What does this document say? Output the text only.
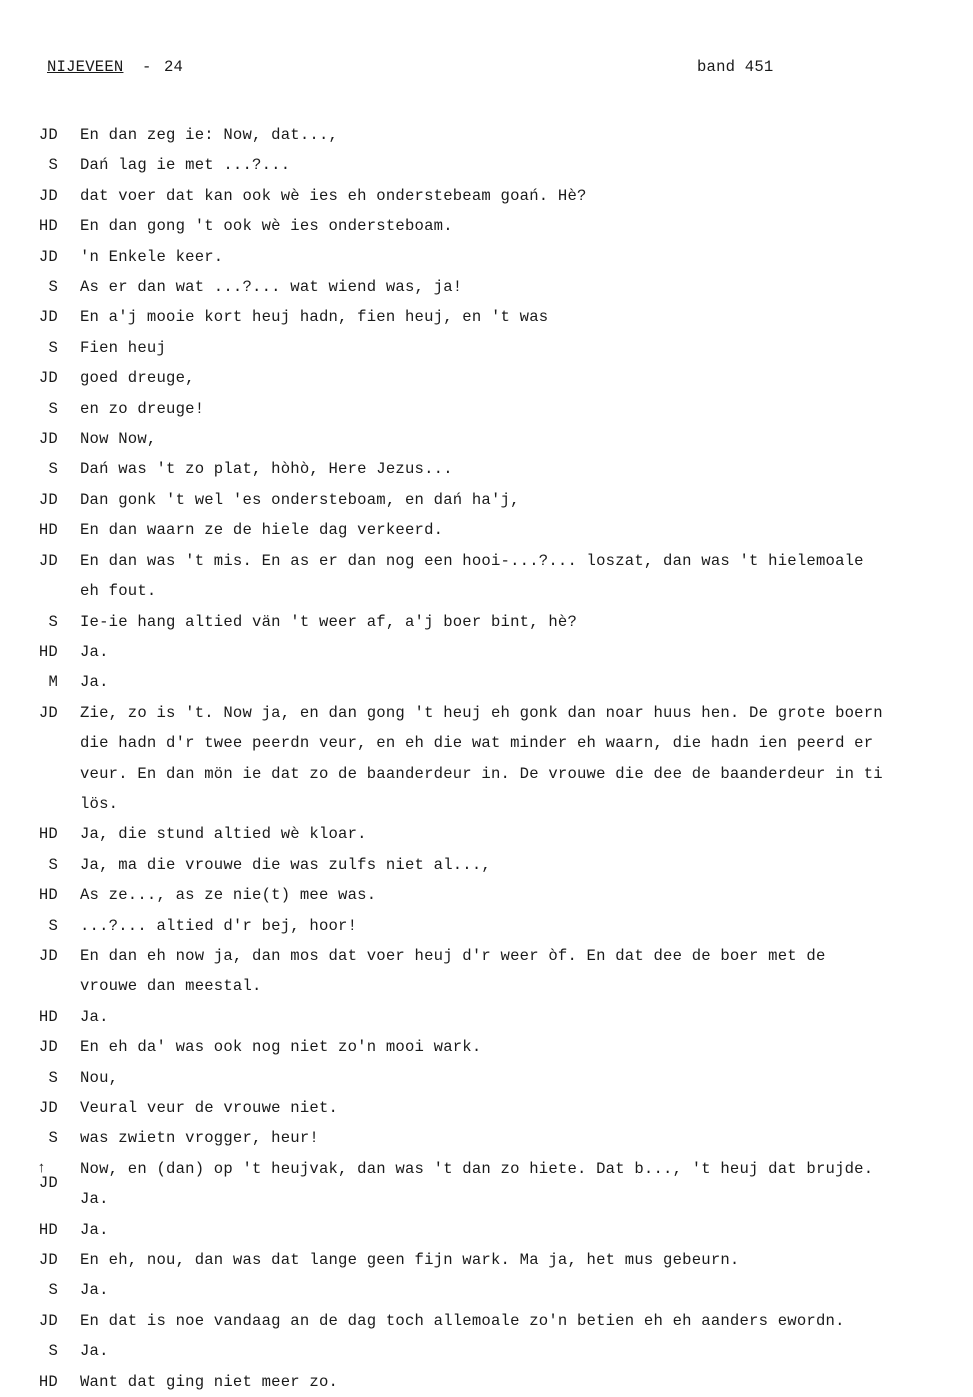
NIJEVEEN - 24	band 451
JD En dan zeg ie: Now, dat...,
S Dań lag ie met ...?...
JD dat voer dat kan ook wè ies eh onderstebeam goań. Hè?
HD En dan gong 't ook wè ies ondersteboam.
JD 'n Enkele keer.
S As er dan wat ...?... wat wiend was, ja!
JD En a'j mooie kort heuj hadn, fien heuj, en 't was
S Fien heuj
JD goed dreuge,
S en zo dreuge!
JD Now Now,
S Dań was 't zo plat, hòhò, Here Jezus...
JD Dan gonk 't wel 'es ondersteboam, en dań ha'j,
HD En dan waarn ze de hiele dag verkeerd.
JD En dan was 't mis. En as er dan nog een hooi-...?... loszat, dan was 't hielemoale
eh fout.
S Ie-ie hang altied vän 't weer af, a'j boer bint, hè?
HD Ja.
M Ja.
JD Zie, zo is 't. Now ja, en dan gong 't heuj eh gonk dan noar huus hen. De grote boern
die hadn d'r twee peerdn veur, en eh die wat minder eh waarn, die hadn ien peerd er
veur. En dan mön ie dat zo de baanderdeur in. De vrouwe die dee de baanderdeur in ti
lös.
HD Ja, die stund altied wè kloar.
S Ja, ma die vrouwe die was zulfs niet al...,
HD As ze..., as ze nie(t) mee was.
S ...?... altied d'r bej, hoor!
JD En dan eh now ja, dan mos dat voer heuj d'r weer òf. En dat dee de boer met de
vrouwe dan meestal.
HD Ja.
JD En eh da' was ook nog niet zo'n mooi wark.
S Nou,
JD Veural veur de vrouwe niet.
S was zwietn vrogger, heur!
↑
JD
Now, en (dan) op 't heujvak, dan was 't dan zo hiete. Dat b..., 't heuj dat brujde.
Ja.
HD Ja.
JD En eh, nou, dan was dat lange geen fijn wark. Ma ja, het mus gebeurn.
S Ja.
JD En dat is noe vandaag an de dag toch allemoale zo'n betien eh eh aanders ewordn.
S Ja.
HD Want dat ging niet meer zo.
